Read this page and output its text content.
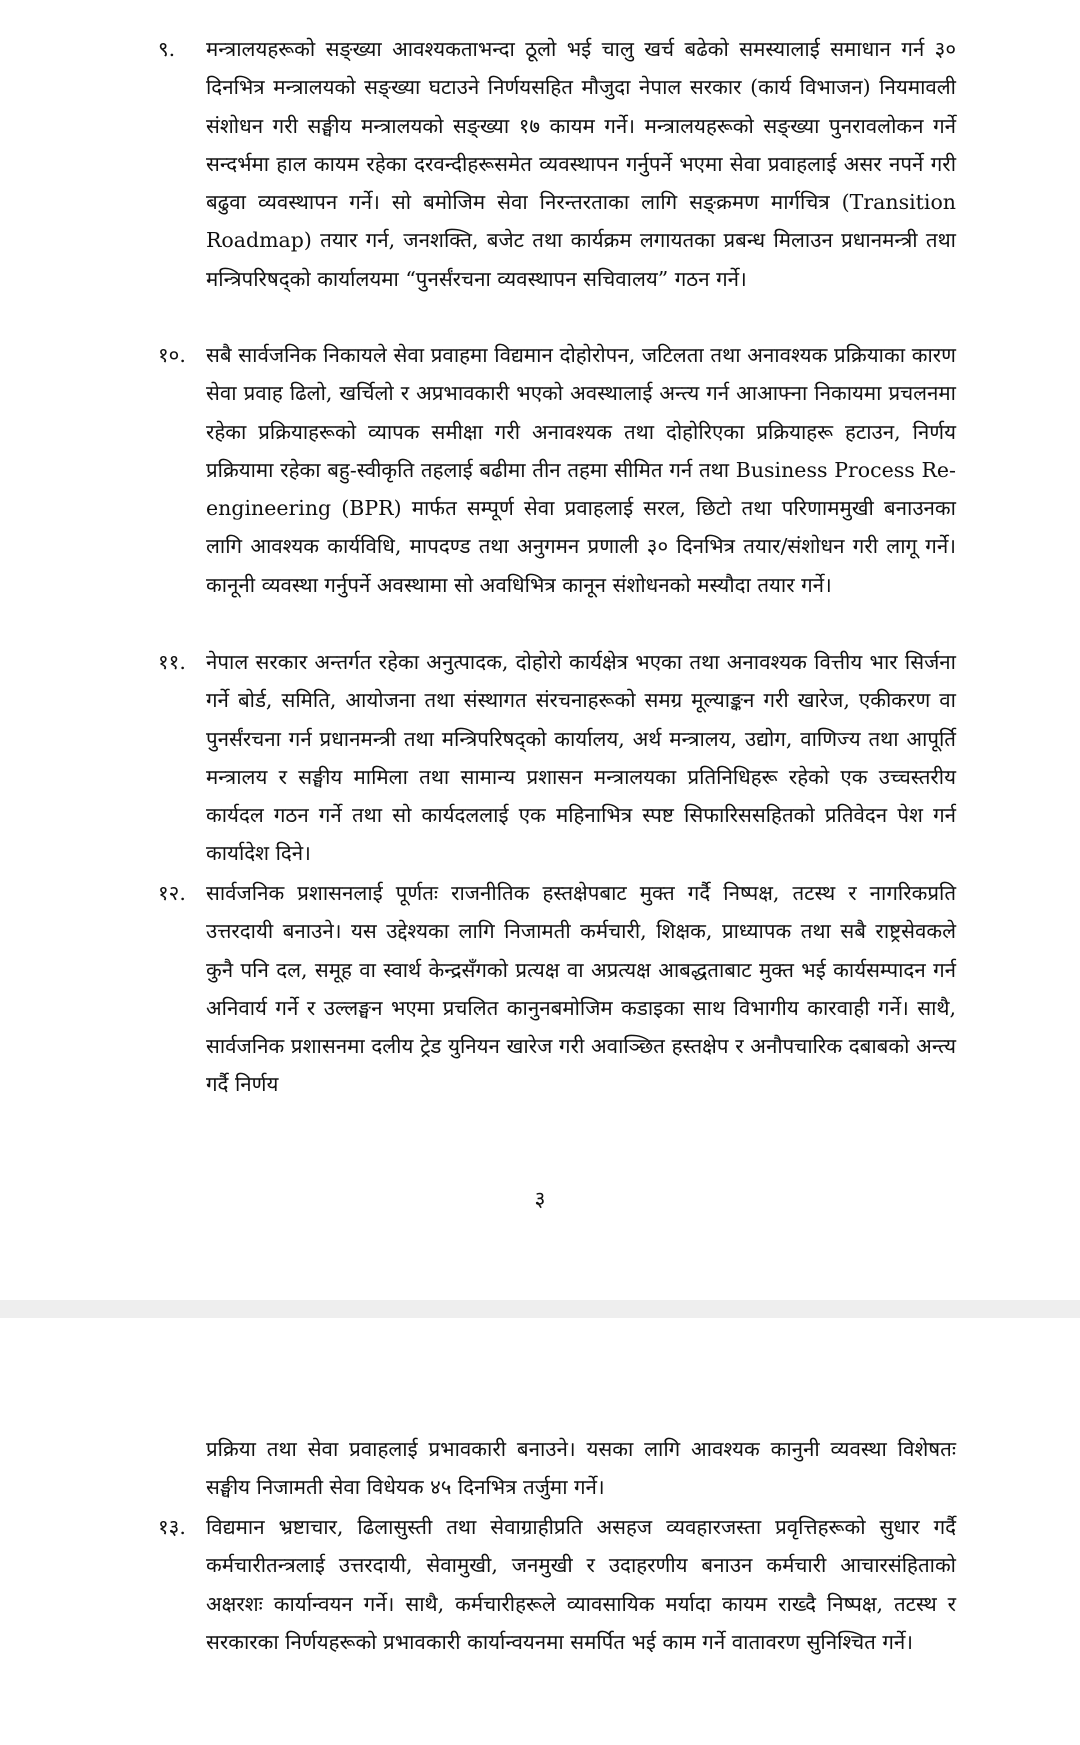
९.	मन्त्रालयहरूको सङ्ख्या आवश्यकताभन्दा ठूलो भई चालु खर्च बढेको समस्यालाई समाधान गर्न ३० दिनभित्र मन्त्रालयको सङ्ख्या घटाउने निर्णयसहित मौजुदा नेपाल सरकार (कार्य विभाजन) नियमावली संशोधन गरी सङ्घीय मन्त्रालयको सङ्ख्या १७ कायम गर्ने। मन्त्रालयहरूको सङ्ख्या पुनरावलोकन गर्ने सन्दर्भमा हाल कायम रहेका दरवन्दीहरूसमेत व्यवस्थापन गर्नुपर्ने भएमा सेवा प्रवाहलाई असर नपर्ने गरी बढुवा व्यवस्थापन गर्ने। सो बमोजिम सेवा निरन्तरताका लागि सङ्क्रमण मार्गचित्र (Transition Roadmap) तयार गर्न, जनशक्ति, बजेट तथा कार्यक्रम लगायतका प्रबन्ध मिलाउन प्रधानमन्त्री तथा मन्त्रिपरिषद्को कार्यालयमा “पुनर्संरचना व्यवस्थापन सचिवालय” गठन गर्ने।
१०. सबै सार्वजनिक निकायले सेवा प्रवाहमा विद्यमान दोहोरोपन, जटिलता तथा अनावश्यक प्रक्रियाका कारण सेवा प्रवाह ढिलो, खर्चिलो र अप्रभावकारी भएको अवस्थालाई अन्त्य गर्न आआफ्ना निकायमा प्रचलनमा रहेका प्रक्रियाहरूको व्यापक समीक्षा गरी अनावश्यक तथा दोहोरिएका प्रक्रियाहरू हटाउन, निर्णय प्रक्रियामा रहेका बहु-स्वीकृति तहलाई बढीमा तीन तहमा सीमित गर्न तथा Business Process Re-engineering (BPR) मार्फत सम्पूर्ण सेवा प्रवाहलाई सरल, छिटो तथा परिणाममुखी बनाउनका लागि आवश्यक कार्यविधि, मापदण्ड तथा अनुगमन प्रणाली ३० दिनभित्र तयार/संशोधन गरी लागू गर्ने। कानूनी व्यवस्था गर्नुपर्ने अवस्थामा सो अवधिभित्र कानून संशोधनको मस्यौदा तयार गर्ने।
११. नेपाल सरकार अन्तर्गत रहेका अनुत्पादक, दोहोरो कार्यक्षेत्र भएका तथा अनावश्यक वित्तीय भार सिर्जना गर्ने बोर्ड, समिति, आयोजना तथा संस्थागत संरचनाहरूको समग्र मूल्याङ्कन गरी खारेज, एकीकरण वा पुनर्संरचना गर्न प्रधानमन्त्री तथा मन्त्रिपरिषद्को कार्यालय, अर्थ मन्त्रालय, उद्योग, वाणिज्य तथा आपूर्ति मन्त्रालय र सङ्घीय मामिला तथा सामान्य प्रशासन मन्त्रालयका प्रतिनिधिहरू रहेको एक उच्चस्तरीय कार्यदल गठन गर्ने तथा सो कार्यदललाई एक महिनाभित्र स्पष्ट सिफारिससहितको प्रतिवेदन पेश गर्न कार्यादेश दिने।
१२. सार्वजनिक प्रशासनलाई पूर्णतः राजनीतिक हस्तक्षेपबाट मुक्त गर्दै निष्पक्ष, तटस्थ र नागरिकप्रति उत्तरदायी बनाउने। यस उद्देश्यका लागि निजामती कर्मचारी, शिक्षक, प्राध्यापक तथा सबै राष्ट्रसेवकले कुनै पनि दल, समूह वा स्वार्थ केन्द्रसँगको प्रत्यक्ष वा अप्रत्यक्ष आबद्धताबाट मुक्त भई कार्यसम्पादन गर्न अनिवार्य गर्ने र उल्लङ्घन भएमा प्रचलित कानुनबमोजिम कडाइका साथ विभागीय कारवाही गर्ने। साथै, सार्वजनिक प्रशासनमा दलीय ट्रेड युनियन खारेज गरी अवाञ्छित हस्तक्षेप र अनौपचारिक दबाबको अन्त्य गर्दै निर्णय
३
प्रक्रिया तथा सेवा प्रवाहलाई प्रभावकारी बनाउने। यसका लागि आवश्यक कानुनी व्यवस्था विशेषतः सङ्घीय निजामती सेवा विधेयक ४५ दिनभित्र तर्जुमा गर्ने।
१३. विद्यमान भ्रष्टाचार, ढिलासुस्ती तथा सेवाग्राहीप्रति असहज व्यवहारजस्ता प्रवृत्तिहरूको सुधार गर्दै कर्मचारीतन्त्रलाई उत्तरदायी, सेवामुखी, जनमुखी र उदाहरणीय बनाउन कर्मचारी आचारसंहिताको अक्षरशः कार्यान्वयन गर्ने। साथै, कर्मचारीहरूले व्यावसायिक मर्यादा कायम राख्दै निष्पक्ष, तटस्थ र सरकारका निर्णयहरूको प्रभावकारी कार्यान्वयनमा समर्पित भई काम गर्ने वातावरण सुनिश्चित गर्ने।
